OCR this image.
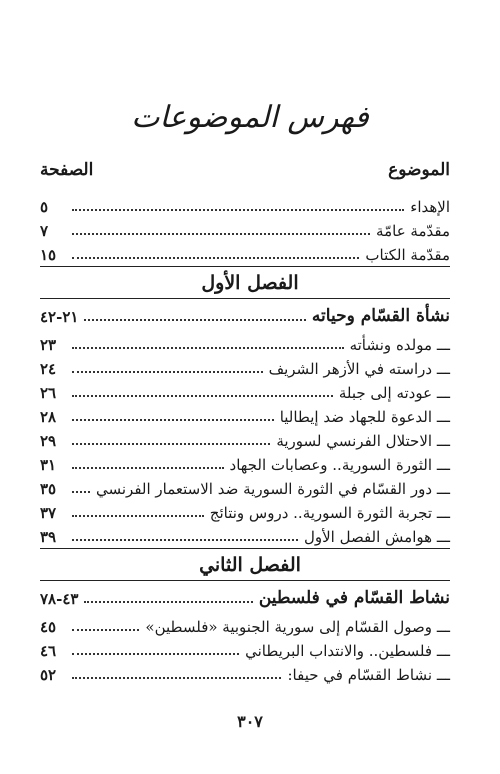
فهرس الموضوعات
الموضوع
الصفحة
الإهداء
٥
مقدّمة عامّة
٧
مقدّمة الكتاب
١٥
الفصل الأول
نشأة القسّام وحياته
٢١-٤٢
ـــ مولده ونشأته
٢٣
ـــ دراسته في الأزهر الشريف
٢٤
ـــ عودته إلى جبلة
٢٦
ـــ الدعوة للجهاد ضد إيطاليا
٢٨
ـــ الاحتلال الفرنسي لسورية
٢٩
ـــ الثورة السورية.. وعصابات الجهاد
٣١
ـــ دور القسّام في الثورة السورية ضد الاستعمار الفرنسي
٣٥
ـــ تجربة الثورة السورية.. دروس ونتائج
٣٧
ـــ هوامش الفصل الأول
٣٩
الفصل الثاني
نشاط القسّام في فلسطين
٤٣-٧٨
ـــ وصول القسّام إلى سورية الجنوبية «فلسطين»
٤٥
ـــ فلسطين.. والانتداب البريطاني
٤٦
ـــ نشاط القسّام في حيفا:
٥٢
٣٠٧
